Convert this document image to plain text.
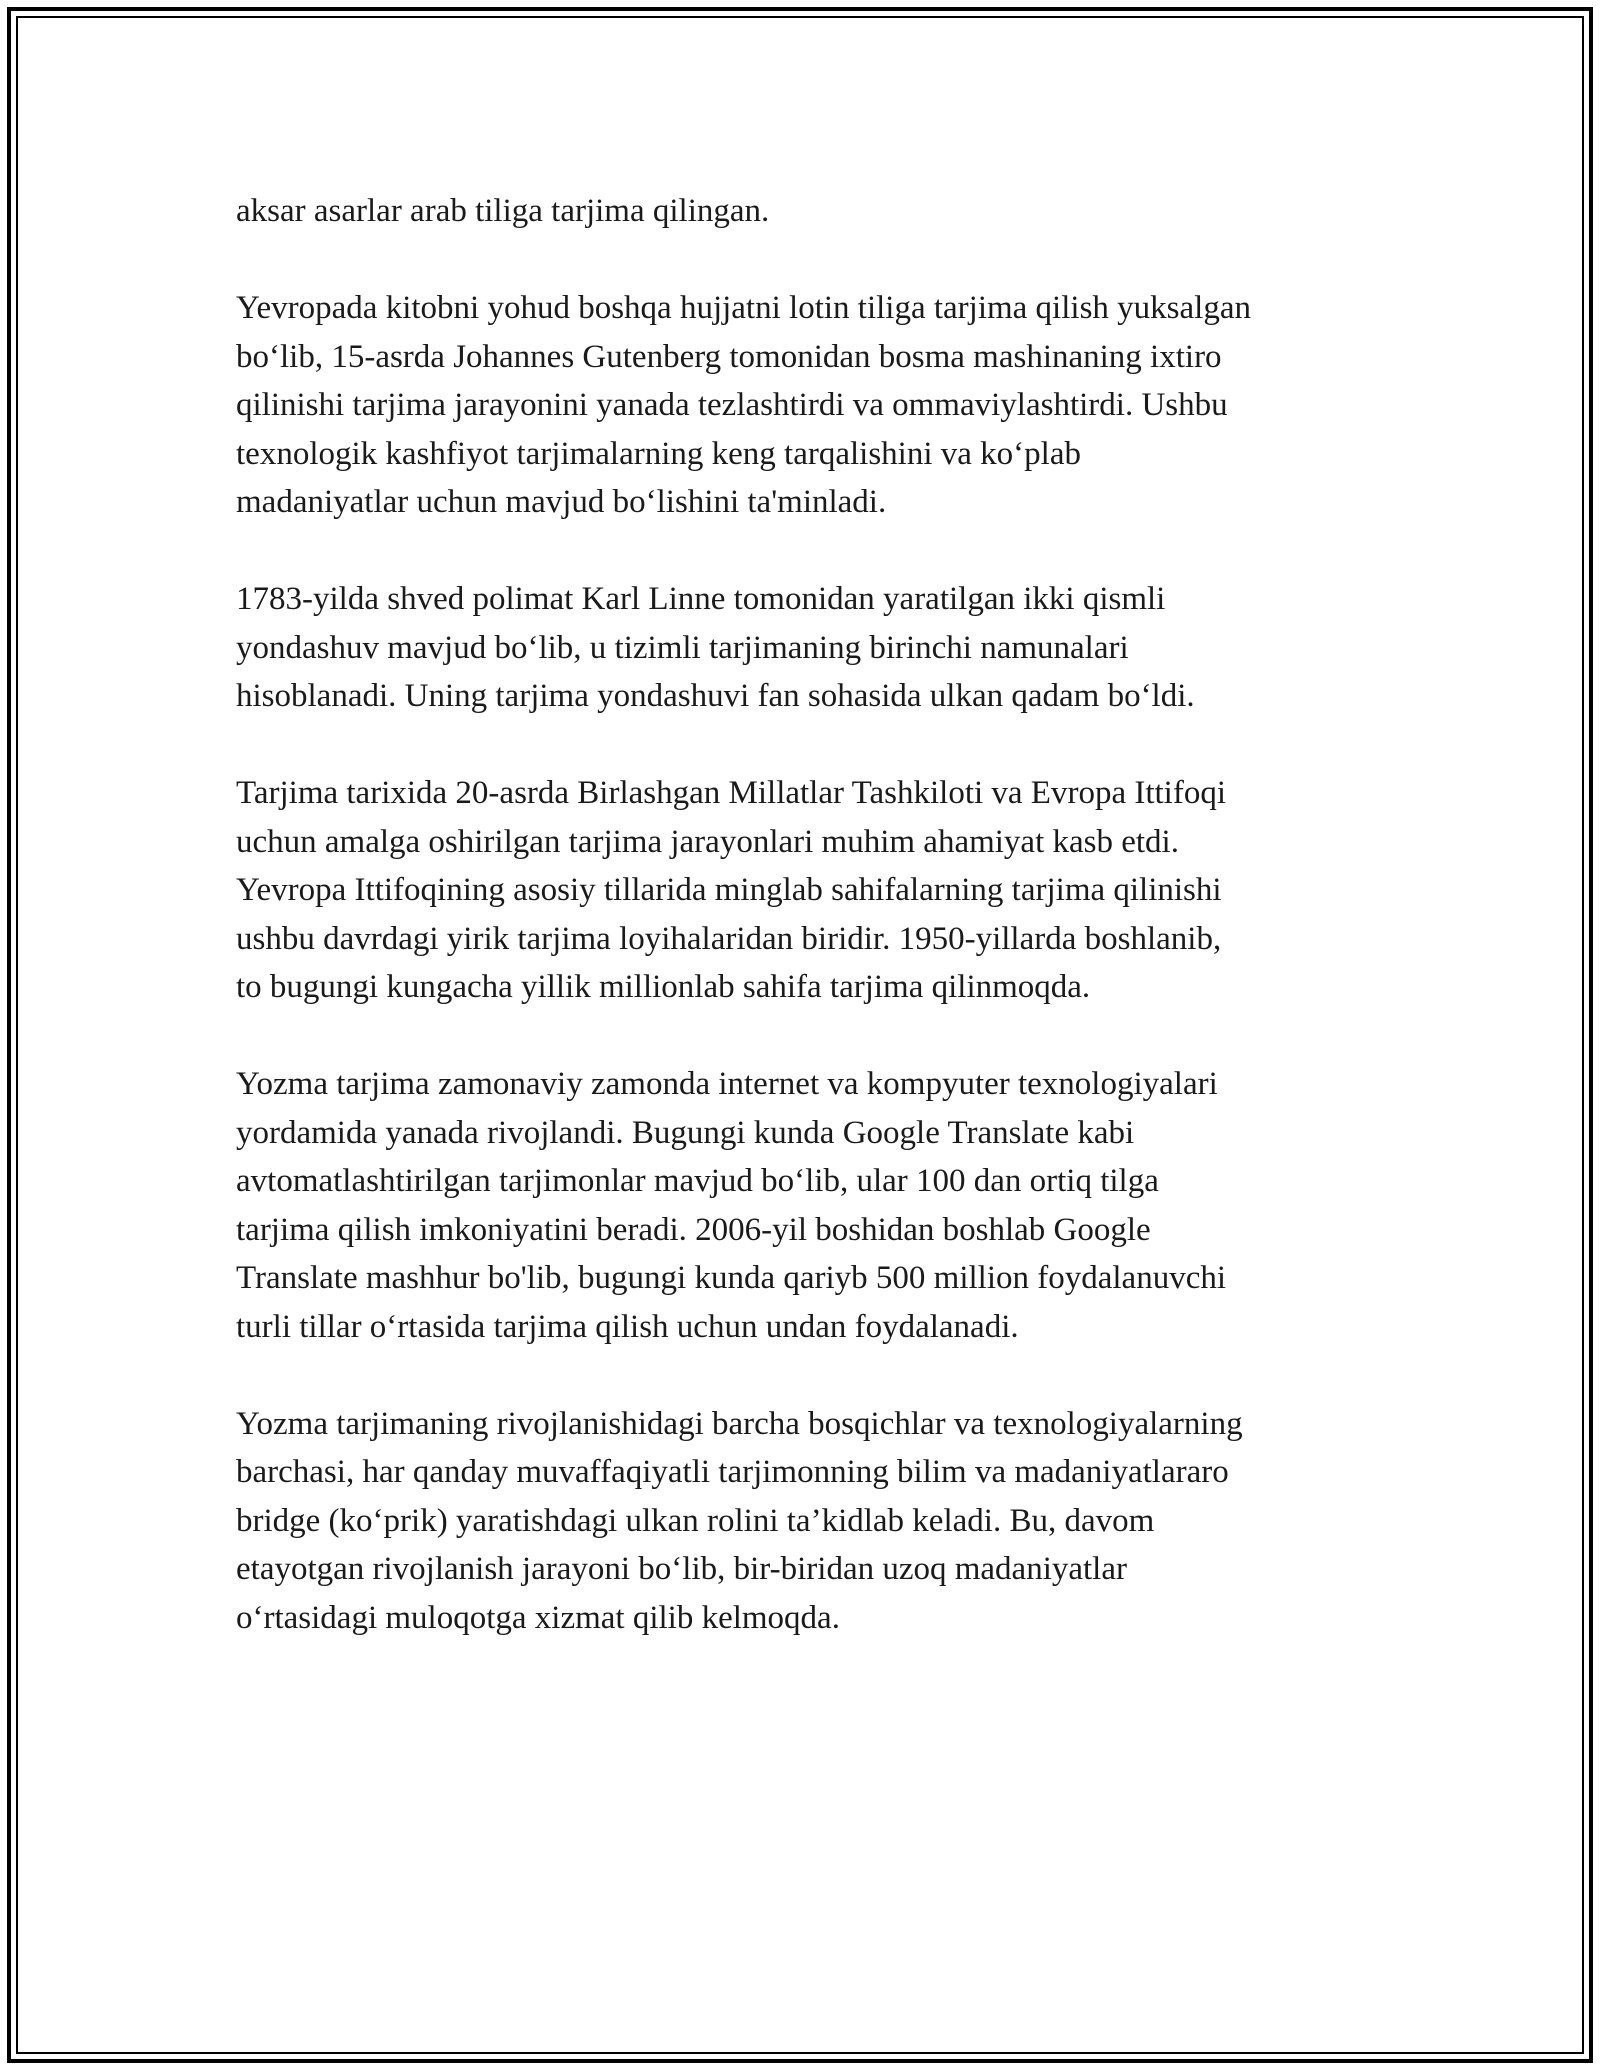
aksar asarlar arab tiliga tarjima qilingan.

Yevropada kitobni yohud boshqa hujjatni lotin tiliga tarjima qilish yuksalgan
bo‘lib, 15-asrda Johannes Gutenberg tomonidan bosma mashinaning ixtiro
qilinishi tarjima jarayonini yanada tezlashtirdi va ommaviylashtirdi. Ushbu
texnologik kashfiyot tarjimalarning keng tarqalishini va ko‘plab
madaniyatlar uchun mavjud bo‘lishini ta'minladi.

1783-yilda shved polimat Karl Linne tomonidan yaratilgan ikki qismli
yondashuv mavjud bo‘lib, u tizimli tarjimaning birinchi namunalari
hisoblanadi. Uning tarjima yondashuvi fan sohasida ulkan qadam bo‘ldi.

Tarjima tarixida 20-asrda Birlashgan Millatlar Tashkiloti va Evropa Ittifoqi
uchun amalga oshirilgan tarjima jarayonlari muhim ahamiyat kasb etdi.
Yevropa Ittifoqining asosiy tillarida minglab sahifalarning tarjima qilinishi
ushbu davrdagi yirik tarjima loyihalaridan biridir. 1950-yillarda boshlanib,
to bugungi kungacha yillik millionlab sahifa tarjima qilinmoqda.

Yozma tarjima zamonaviy zamonda internet va kompyuter texnologiyalari
yordamida yanada rivojlandi. Bugungi kunda Google Translate kabi
avtomatlashtirilgan tarjimonlar mavjud bo‘lib, ular 100 dan ortiq tilga
tarjima qilish imkoniyatini beradi. 2006-yil boshidan boshlab Google
Translate mashhur bo'lib, bugungi kunda qariyb 500 million foydalanuvchi
turli tillar o‘rtasida tarjima qilish uchun undan foydalanadi.

Yozma tarjimaning rivojlanishidagi barcha bosqichlar va texnologiyalarning
barchasi, har qanday muvaffaqiyatli tarjimonning bilim va madaniyatlararo
bridge (ko‘prik) yaratishdagi ulkan rolini ta’kidlab keladi. Bu, davom
etayotgan rivojlanish jarayoni bo‘lib, bir-biridan uzoq madaniyatlar
o‘rtasidagi muloqotga xizmat qilib kelmoqda.
